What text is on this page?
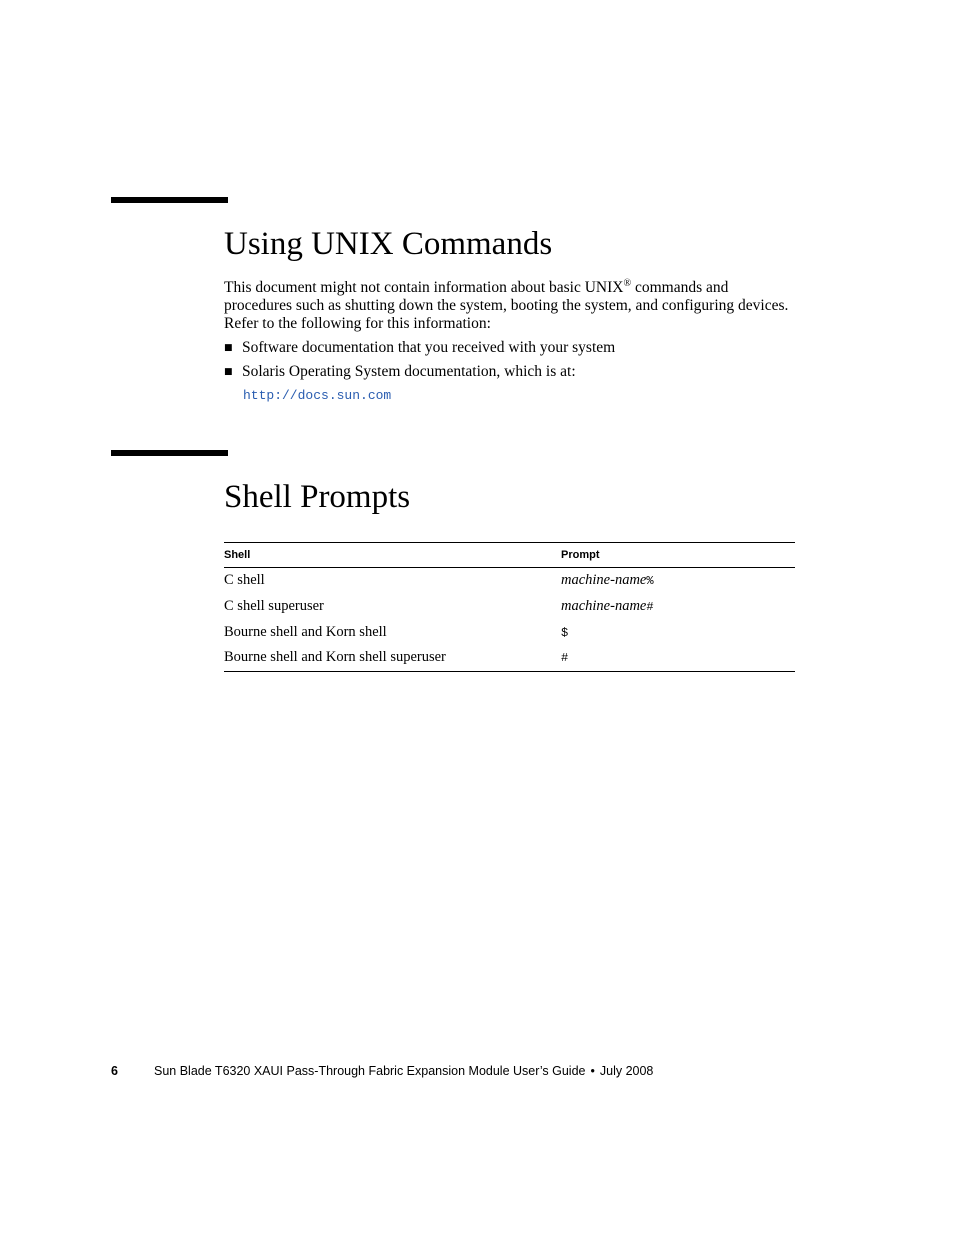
Using UNIX Commands

This document might not contain information about basic UNIX® commands and procedures such as shutting down the system, booting the system, and configuring devices. Refer to the following for this information:

■ Software documentation that you received with your system
■ Solaris Operating System documentation, which is at:
http://docs.sun.com
Shell Prompts
Shell	Prompt
C shell	machine-name%
C shell superuser	machine-name#
Bourne shell and Korn shell	$
Bourne shell and Korn shell superuser	#
6	Sun Blade T6320 XAUI Pass-Through Fabric Expansion Module User’s Guide • July 2008
